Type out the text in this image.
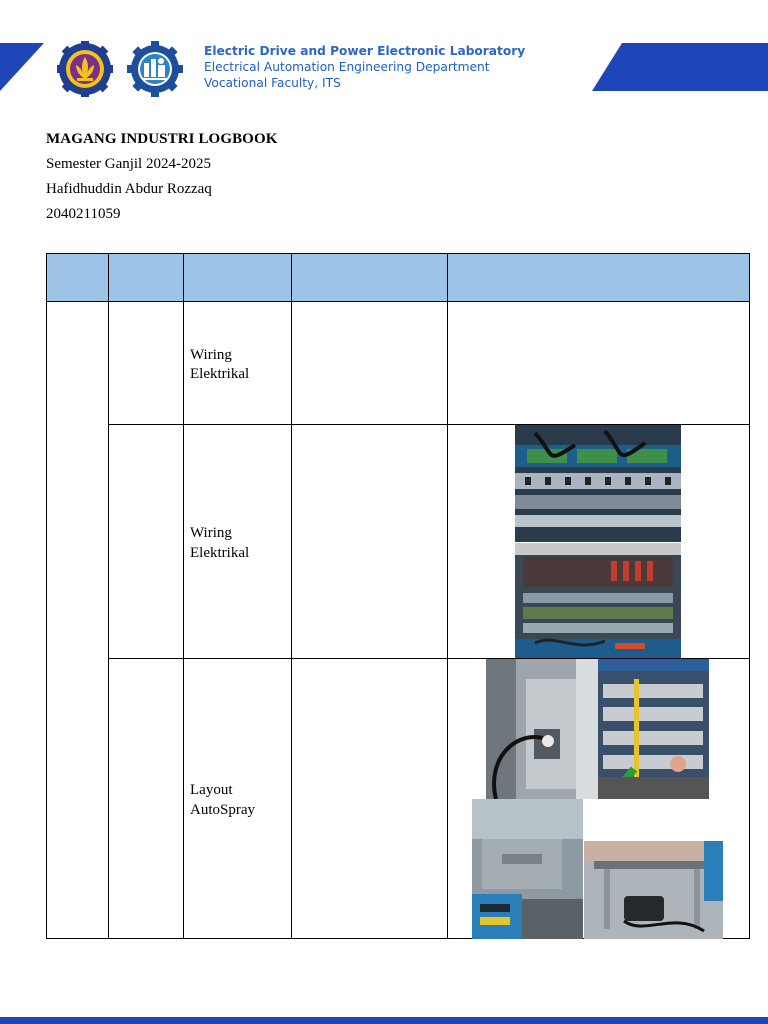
Electric Drive and Power Electronic Laboratory
Electrical Automation Engineering Department
Vocational Faculty, ITS
MAGANG INDUSTRI LOGBOOK
Semester Ganjil 2024-2025
Hafidhuddin Abdur Rozzaq
2040211059

		Wiring Elektrikal		
		Wiring Elektrikal		

		Layout AutoSpray		
